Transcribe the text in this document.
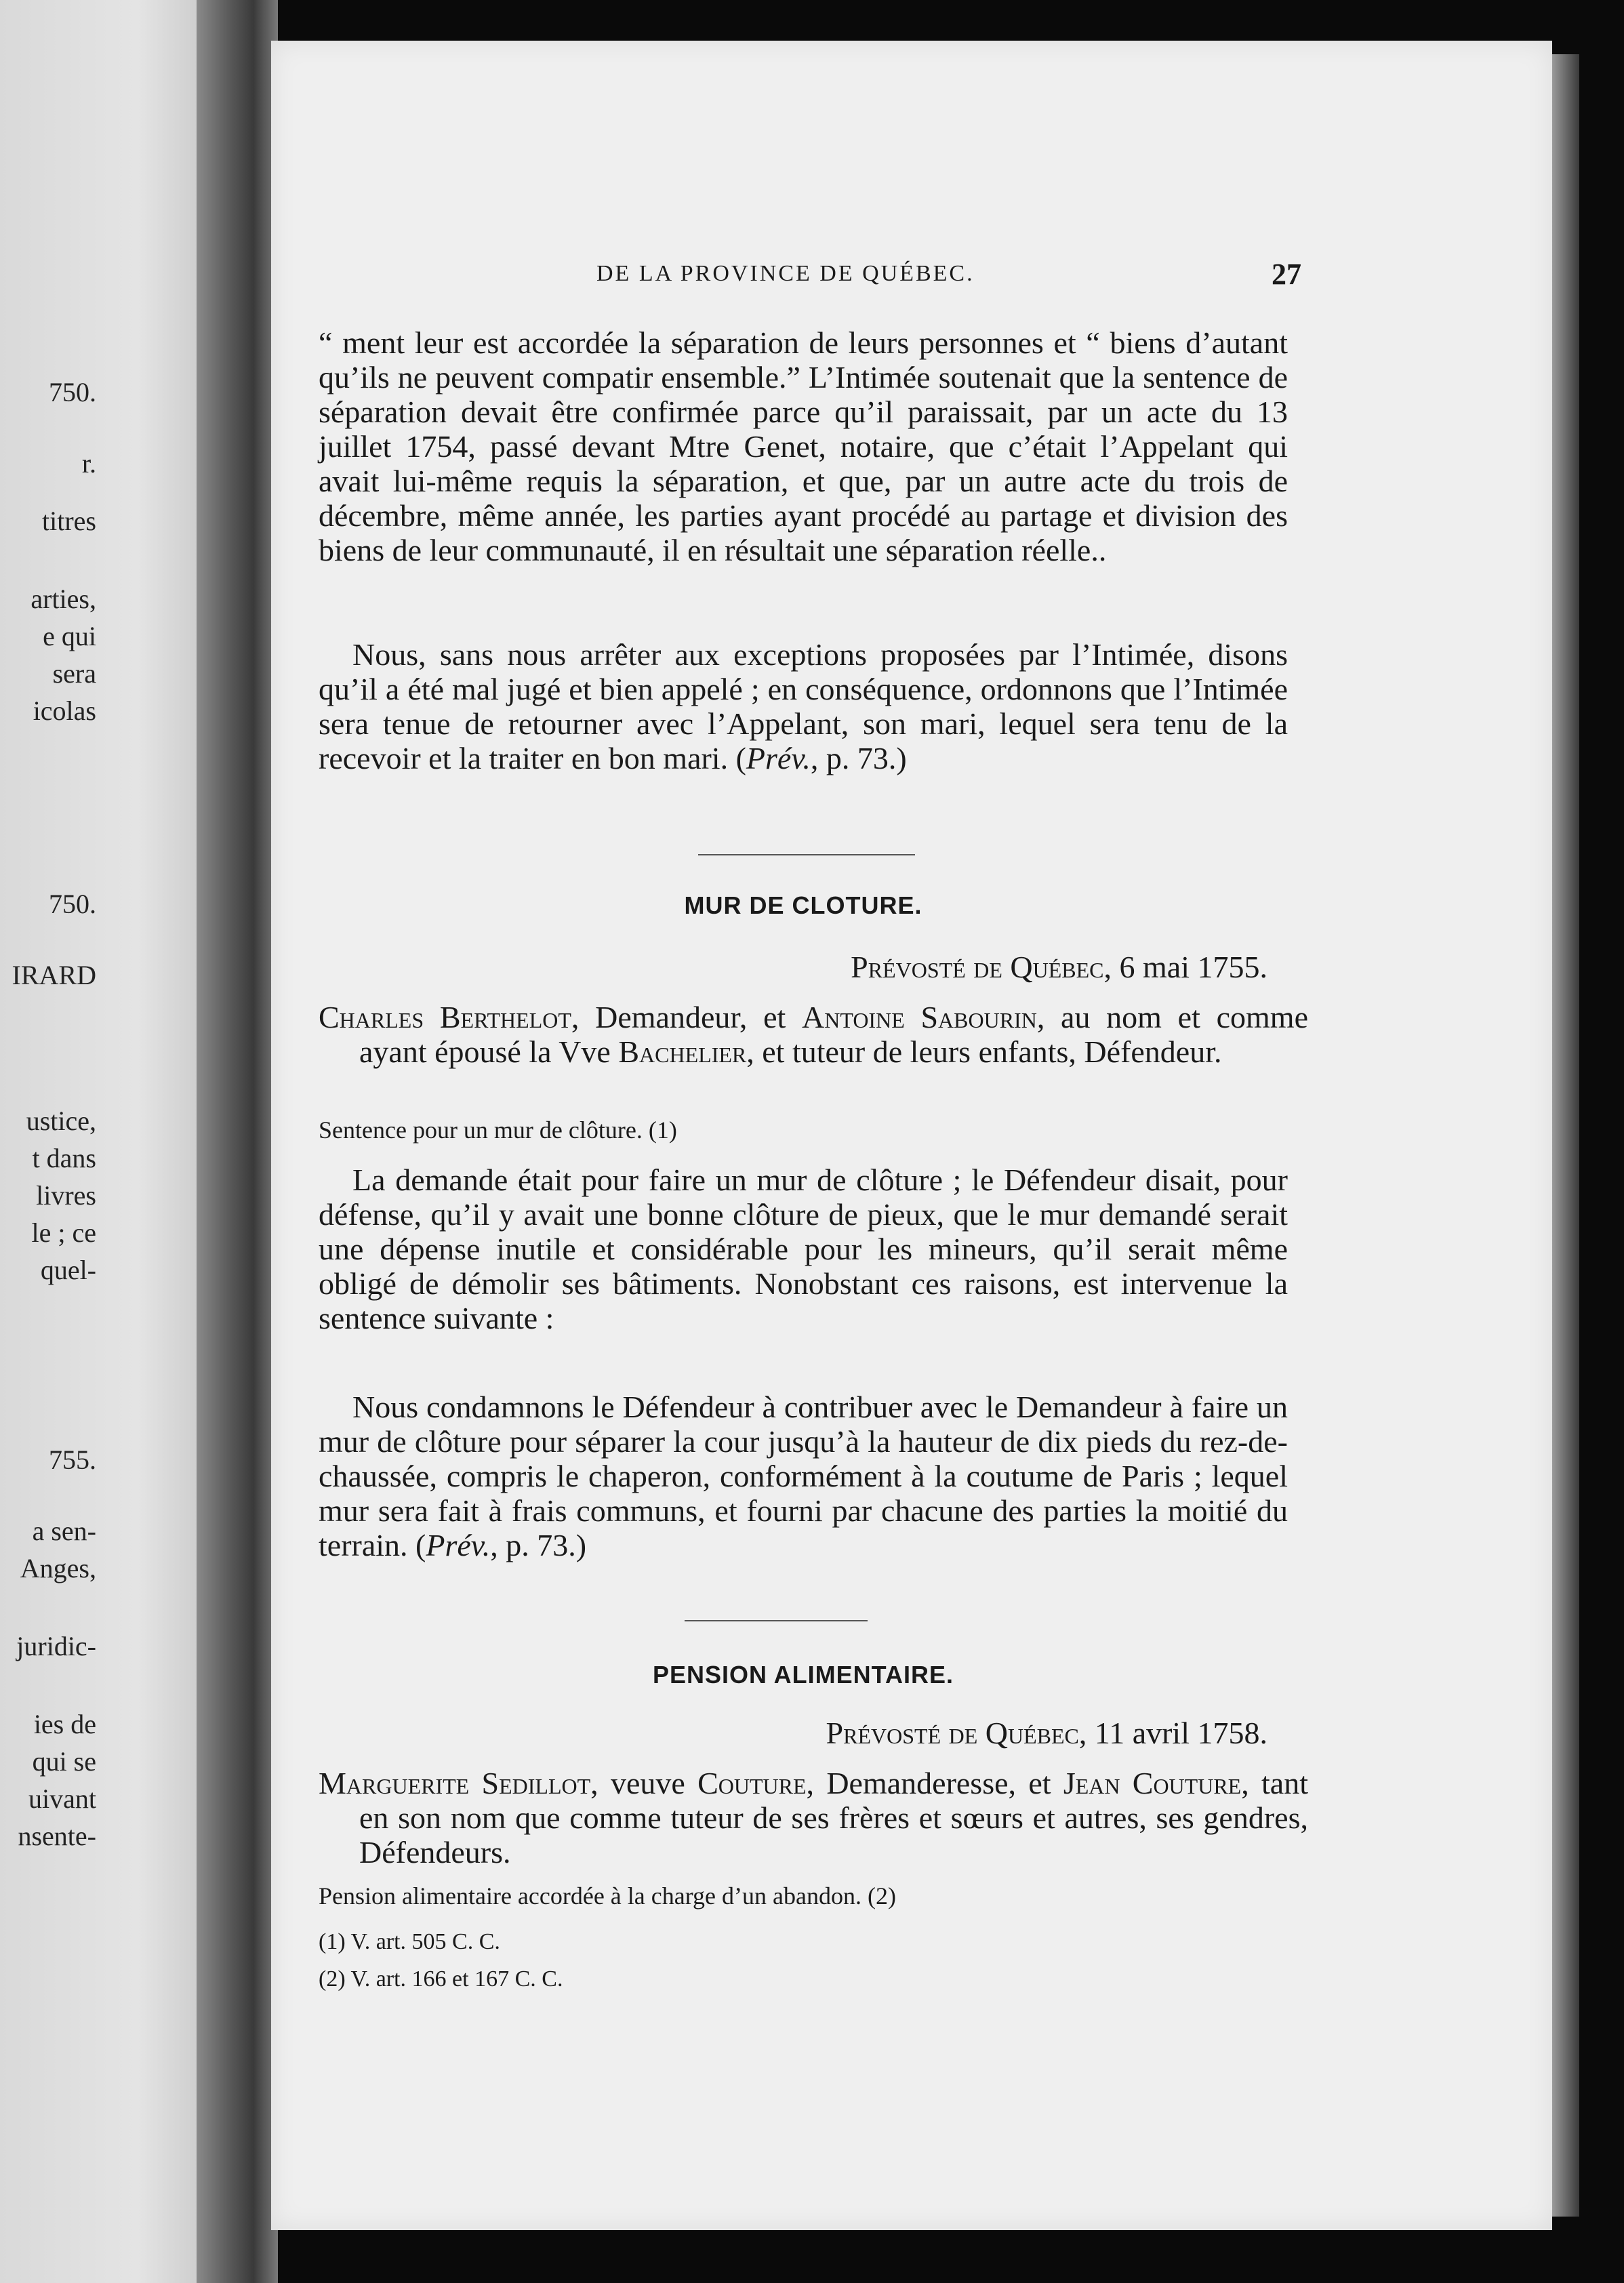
750.
r.
titres
arties,
e qui
sera
icolas
750.
IRARD
ustice,
t dans
livres
le ; ce
quel-
755.
a sen-
Anges,
juridic-
ies de
qui se
uivant
nsente-
DE LA PROVINCE DE QUÉBEC.	27

“ ment leur est accordée la séparation de leurs personnes et “ biens d’autant qu’ils ne peuvent compatir ensemble.” L’Intimée soutenait que la sentence de séparation devait être confirmée parce qu’il paraissait, par un acte du 13 juillet 1754, passé devant Mtre Genet, notaire, que c’était l’Appelant qui avait lui-même requis la séparation, et que, par un autre acte du trois de décembre, même année, les parties ayant procédé au partage et division des biens de leur communauté, il en résultait une séparation réelle..

Nous, sans nous arrêter aux exceptions proposées par l’Intimée, disons qu’il a été mal jugé et bien appelé ; en conséquence, ordonnons que l’Intimée sera tenue de retourner avec l’Appelant, son mari, lequel sera tenu de la recevoir et la traiter en bon mari. (Prév., p. 73.)

MUR DE CLOTURE.
Prévosté de Québec, 6 mai 1755.

Charles Berthelot, Demandeur, et Antoine Sabourin, au nom et comme ayant épousé la Vve Bachelier, et tuteur de leurs enfants, Défendeur.

Sentence pour un mur de clôture. (1)

La demande était pour faire un mur de clôture ; le Défendeur disait, pour défense, qu’il y avait une bonne clôture de pieux, que le mur demandé serait une dépense inutile et considérable pour les mineurs, qu’il serait même obligé de démolir ses bâtiments. Nonobstant ces raisons, est intervenue la sentence suivante :

Nous condamnons le Défendeur à contribuer avec le Demandeur à faire un mur de clôture pour séparer la cour jusqu’à la hauteur de dix pieds du rez-de-chaussée, compris le chaperon, conformément à la coutume de Paris ; lequel mur sera fait à frais communs, et fourni par chacune des parties la moitié du terrain. (Prév., p. 73.)

PENSION ALIMENTAIRE.
Prévosté de Québec, 11 avril 1758.

Marguerite Sedillot, veuve Couture, Demanderesse, et Jean Couture, tant en son nom que comme tuteur de ses frères et sœurs et autres, ses gendres, Défendeurs.

Pension alimentaire accordée à la charge d’un abandon. (2)

(1) V. art. 505 C. C.

(2) V. art. 166 et 167 C. C.
